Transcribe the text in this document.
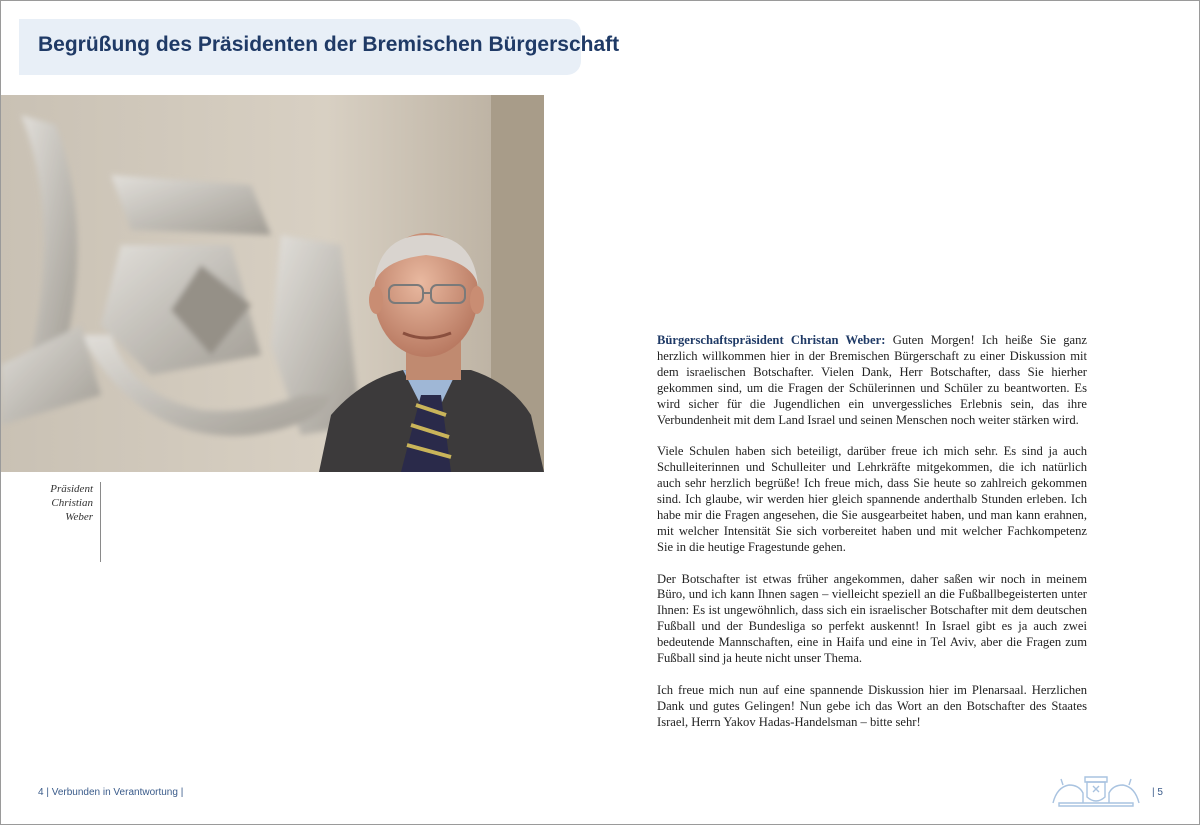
Begrüßung des Präsidenten der Bremischen Bürgerschaft
Präsident
Christian
Weber

Bürgerschaftspräsident Christan Weber: Guten Morgen! Ich heiße Sie ganz herzlich willkommen hier in der Bremischen Bürgerschaft zu einer Diskussion mit dem israelischen Botschafter. Vielen Dank, Herr Botschafter, dass Sie hierher gekommen sind, um die Fragen der Schülerinnen und Schüler zu beantworten. Es wird sicher für die Jugendlichen ein unvergessliches Erlebnis sein, das ihre Verbundenheit mit dem Land Israel und seinen Menschen noch weiter stärken wird.

Viele Schulen haben sich beteiligt, darüber freue ich mich sehr. Es sind ja auch Schulleiterinnen und Schulleiter und Lehrkräfte mitgekommen, die ich natürlich auch sehr herzlich begrüße! Ich freue mich, dass Sie heute so zahlreich gekommen sind. Ich glaube, wir werden hier gleich spannende anderthalb Stunden erleben. Ich habe mir die Fragen angesehen, die Sie ausgearbeitet haben, und man kann erahnen, mit welcher Intensität Sie sich vorbereitet haben und mit welcher Fachkompetenz Sie in die heutige Fragestunde gehen.

Der Botschafter ist etwas früher angekommen, daher saßen wir noch in meinem Büro, und ich kann Ihnen sagen – vielleicht speziell an die Fußballbegeisterten unter Ihnen: Es ist ungewöhnlich, dass sich ein israelischer Botschafter mit dem deutschen Fußball und der Bundesliga so perfekt auskennt! In Israel gibt es ja auch zwei bedeutende Mannschaften, eine in Haifa und eine in Tel Aviv, aber die Fragen zum Fußball sind ja heute nicht unser Thema.

Ich freue mich nun auf eine spannende Diskussion hier im Plenarsaal. Herzlichen Dank und gutes Gelingen! Nun gebe ich das Wort an den Botschafter des Staates Israel, Herrn Yakov Hadas-Handelsman – bitte sehr!

4 | Verbunden in Verantwortung |	| 5
